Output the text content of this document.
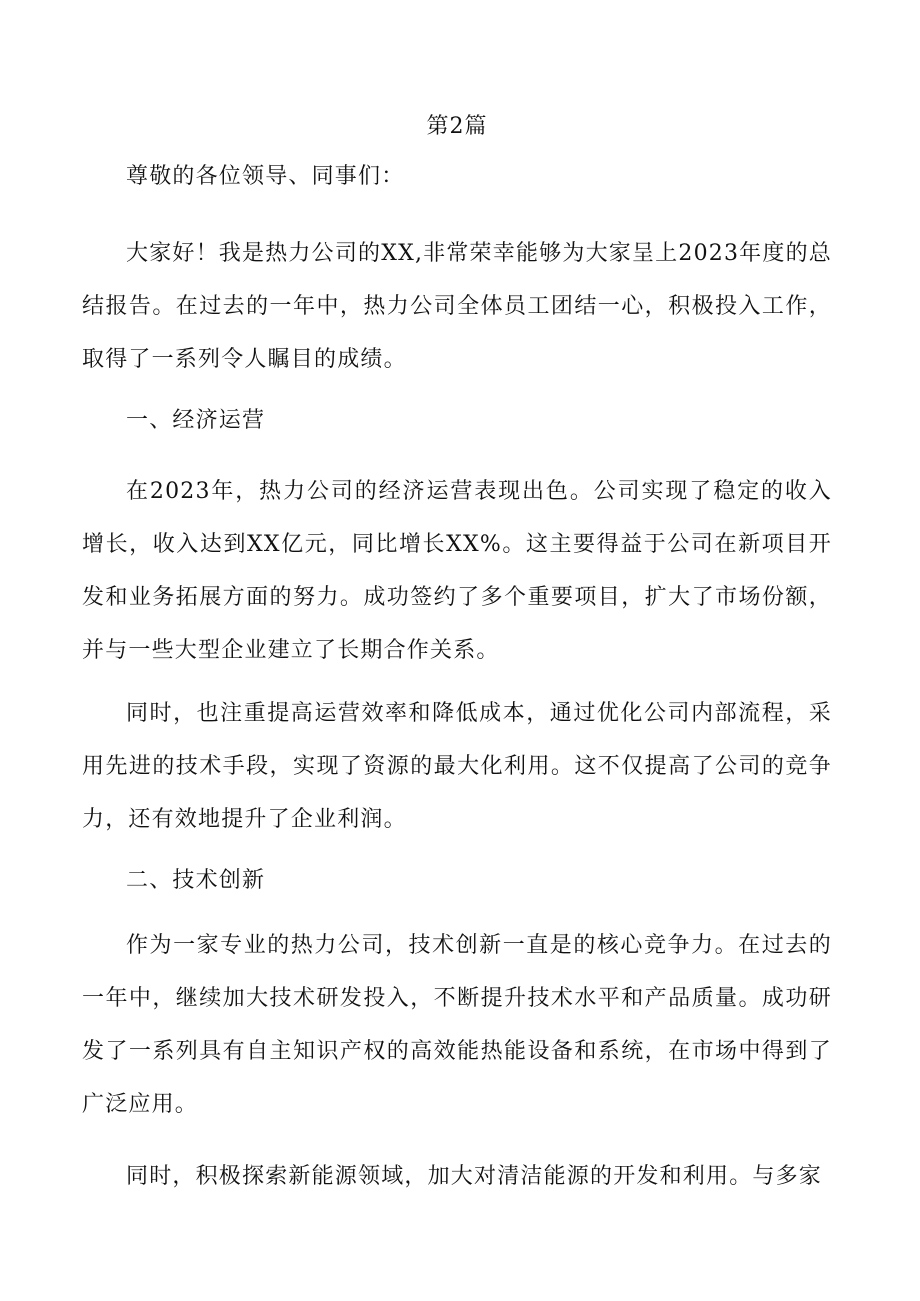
第2篇

尊敬的各位领导、同事们：

大家好！我是热力公司的XX,非常荣幸能够为大家呈上2023年度的总结报告。在过去的一年中，热力公司全体员工团结一心，积极投入工作，取得了一系列令人瞩目的成绩。

一、经济运营

在2023年，热力公司的经济运营表现出色。公司实现了稳定的收入增长，收入达到XX亿元，同比增长XX%。这主要得益于公司在新项目开发和业务拓展方面的努力。成功签约了多个重要项目，扩大了市场份额，并与一些大型企业建立了长期合作关系。

同时，也注重提高运营效率和降低成本，通过优化公司内部流程，采用先进的技术手段，实现了资源的最大化利用。这不仅提高了公司的竞争力，还有效地提升了企业利润。

二、技术创新

作为一家专业的热力公司，技术创新一直是的核心竞争力。在过去的一年中，继续加大技术研发投入，不断提升技术水平和产品质量。成功研发了一系列具有自主知识产权的高效能热能设备和系统，在市场中得到了广泛应用。

同时，积极探索新能源领域，加大对清洁能源的开发和利用。与多家
